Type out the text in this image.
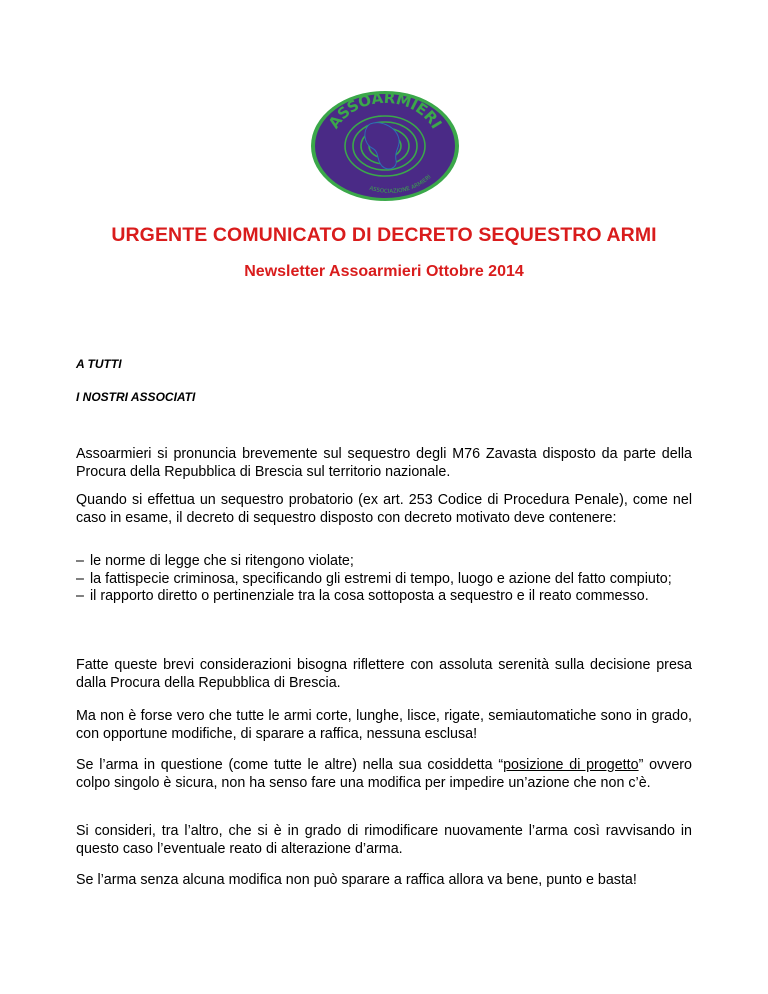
ASSOARMIERI
ASSOCIAZIONE ARMIERI
URGENTE COMUNICATO DI DECRETO SEQUESTRO ARMI
Newsletter Assoarmieri Ottobre 2014
A TUTTI
I NOSTRI ASSOCIATI

Assoarmieri si pronuncia brevemente sul sequestro degli M76 Zavasta disposto da parte della Procura della Repubblica di Brescia sul territorio nazionale.

Quando si effettua un sequestro probatorio (ex art. 253 Codice di Procedura Penale), come nel caso in esame, il decreto di sequestro disposto con decreto motivato deve contenere:

– le norme di legge che si ritengono violate;
– la fattispecie criminosa, specificando gli estremi di tempo, luogo e azione del fatto compiuto;
– il rapporto diretto o pertinenziale tra la cosa sottoposta a sequestro e il reato commesso.

Fatte queste brevi considerazioni bisogna riflettere con assoluta serenità sulla decisione presa dalla Procura della Repubblica di Brescia.

Ma non è forse vero che tutte le armi corte, lunghe, lisce, rigate, semiautomatiche sono in grado, con opportune modifiche, di sparare a raffica, nessuna esclusa!

Se l’arma in questione (come tutte le altre) nella sua cosiddetta “posizione di progetto” ovvero colpo singolo è sicura, non ha senso fare una modifica per impedire un’azione che non c’è.

Si consideri, tra l’altro, che si è in grado di rimodificare nuovamente l’arma così ravvisando in questo caso l’eventuale reato di alterazione d’arma.

Se l’arma senza alcuna modifica non può sparare a raffica allora va bene, punto e basta!
